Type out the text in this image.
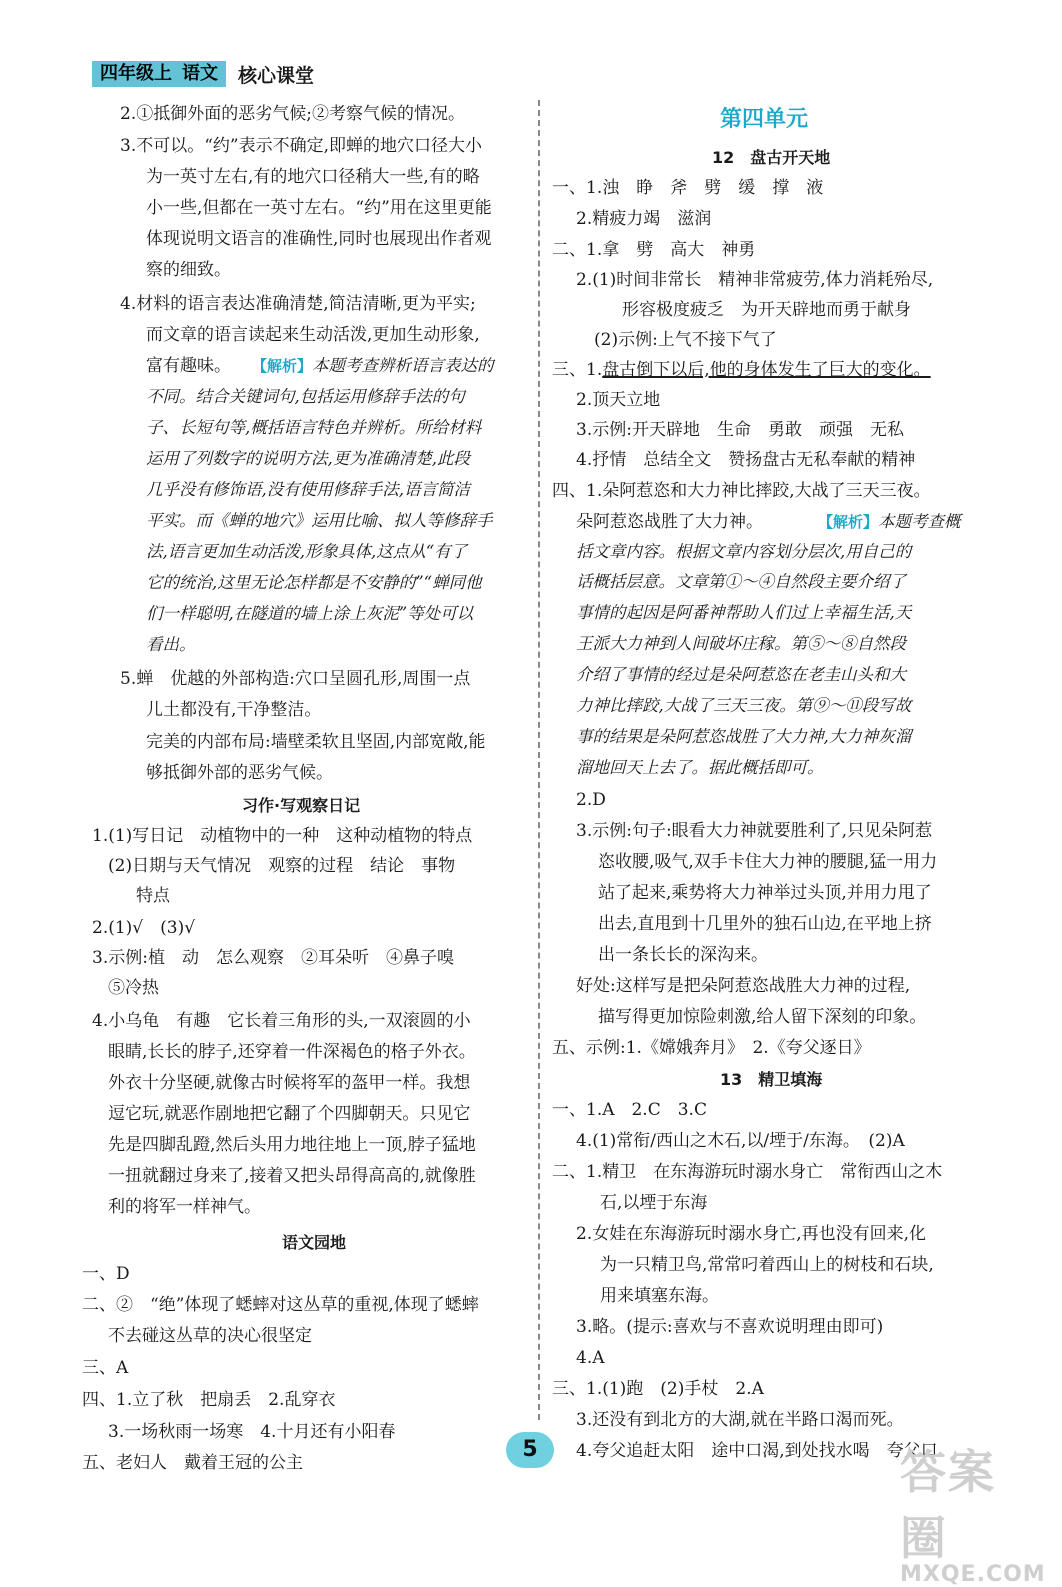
四年级上 语文 核心课堂
2.①抵御外面的恶劣气候;②考察气候的情况。
3.不可以。“约”表示不确定,即蝉的地穴口径大小
为一英寸左右,有的地穴口径稍大一些,有的略
小一些,但都在一英寸左右。“约”用在这里更能
体现说明文语言的准确性,同时也展现出作者观
察的细致。
4.材料的语言表达准确清楚,简洁清晰,更为平实;
而文章的语言读起来生动活泼,更加生动形象,
富有趣味。 【解析】本题考查辨析语言表达的
不同。结合关键词句,包括运用修辞手法的句
子、长短句等,概括语言特色并辨析。所给材料
运用了列数字的说明方法,更为准确清楚,此段
几乎没有修饰语,没有使用修辞手法,语言简洁
平实。而《蝉的地穴》运用比喻、拟人等修辞手
法,语言更加生动活泼,形象具体,这点从“有了
它的统治,这里无论怎样都是不安静的”“蝉同他
们一样聪明,在隧道的墙上涂上灰泥”等处可以
看出。
5.蝉　优越的外部构造:穴口呈圆孔形,周围一点
儿土都没有,干净整洁。
完美的内部布局:墙壁柔软且坚固,内部宽敞,能
够抵御外部的恶劣气候。
习作·写观察日记
1.(1)写日记　动植物中的一种　这种动植物的特点
(2)日期与天气情况　观察的过程　结论　事物
特点
2.(1)√　(3)√
3.示例:植　动　怎么观察　②耳朵听　④鼻子嗅
⑤冷热
4.小乌龟　有趣　它长着三角形的头,一双滚圆的小
眼睛,长长的脖子,还穿着一件深褐色的格子外衣。
外衣十分坚硬,就像古时候将军的盔甲一样。我想
逗它玩,就恶作剧地把它翻了个四脚朝天。只见它
先是四脚乱蹬,然后头用力地往地上一顶,脖子猛地
一扭就翻过身来了,接着又把头昂得高高的,就像胜
利的将军一样神气。
语文园地
一、D
二、②　“绝”体现了蟋蟀对这丛草的重视,体现了蟋蟀
不去碰这丛草的决心很坚定
三、A
四、1.立了秋　把扇丢　2.乱穿衣
3.一场秋雨一场寒　4.十月还有小阳春
五、老妇人　戴着王冠的公主
第四单元
12　盘古开天地
一、1.浊　睁　斧　劈　缓　撑　液
2.精疲力竭　滋润
二、1.拿　劈　高大　神勇
2.(1)时间非常长　精神非常疲劳,体力消耗殆尽,
形容极度疲乏　为开天辟地而勇于献身
(2)示例:上气不接下气了
三、1.盘古倒下以后,他的身体发生了巨大的变化。
2.顶天立地
3.示例:开天辟地　生命　勇敢　顽强　无私
4.抒情　总结全文　赞扬盘古无私奉献的精神
四、1.朵阿惹恣和大力神比摔跤,大战了三天三夜。
朵阿惹恣战胜了大力神。	【解析】本题考查概
括文章内容。根据文章内容划分层次,用自己的
话概括层意。文章第①～④自然段主要介绍了
事情的起因是阿番神帮助人们过上幸福生活,天
王派大力神到人间破坏庄稼。第⑤～⑧自然段
介绍了事情的经过是朵阿惹恣在老圭山头和大
力神比摔跤,大战了三天三夜。第⑨～⑪段写故
事的结果是朵阿惹恣战胜了大力神,大力神灰溜
溜地回天上去了。据此概括即可。
2.D
3.示例:句子:眼看大力神就要胜利了,只见朵阿惹
恣收腰,吸气,双手卡住大力神的腰腿,猛一用力
站了起来,乘势将大力神举过头顶,并用力甩了
出去,直甩到十几里外的独石山边,在平地上挤
出一条长长的深沟来。
好处:这样写是把朵阿惹恣战胜大力神的过程,
描写得更加惊险刺激,给人留下深刻的印象。
五、示例:1.《嫦娥奔月》　2.《夸父逐日》
13　精卫填海
一、1.A　2.C　3.C
4.(1)常衔/西山之木石,以/堙于/东海。　(2)A
二、1.精卫　在东海游玩时溺水身亡　常衔西山之木
石,以堙于东海
2.女娃在东海游玩时溺水身亡,再也没有回来,化
为一只精卫鸟,常常叼着西山上的树枝和石块,
用来填塞东海。
3.略。(提示:喜欢与不喜欢说明理由即可)
4.A
三、1.(1)跑　(2)手杖　2.A
3.还没有到北方的大湖,就在半路口渴而死。
4.夸父追赶太阳　途中口渴,到处找水喝　夸父口
5	答案圈
MXQE.COM
